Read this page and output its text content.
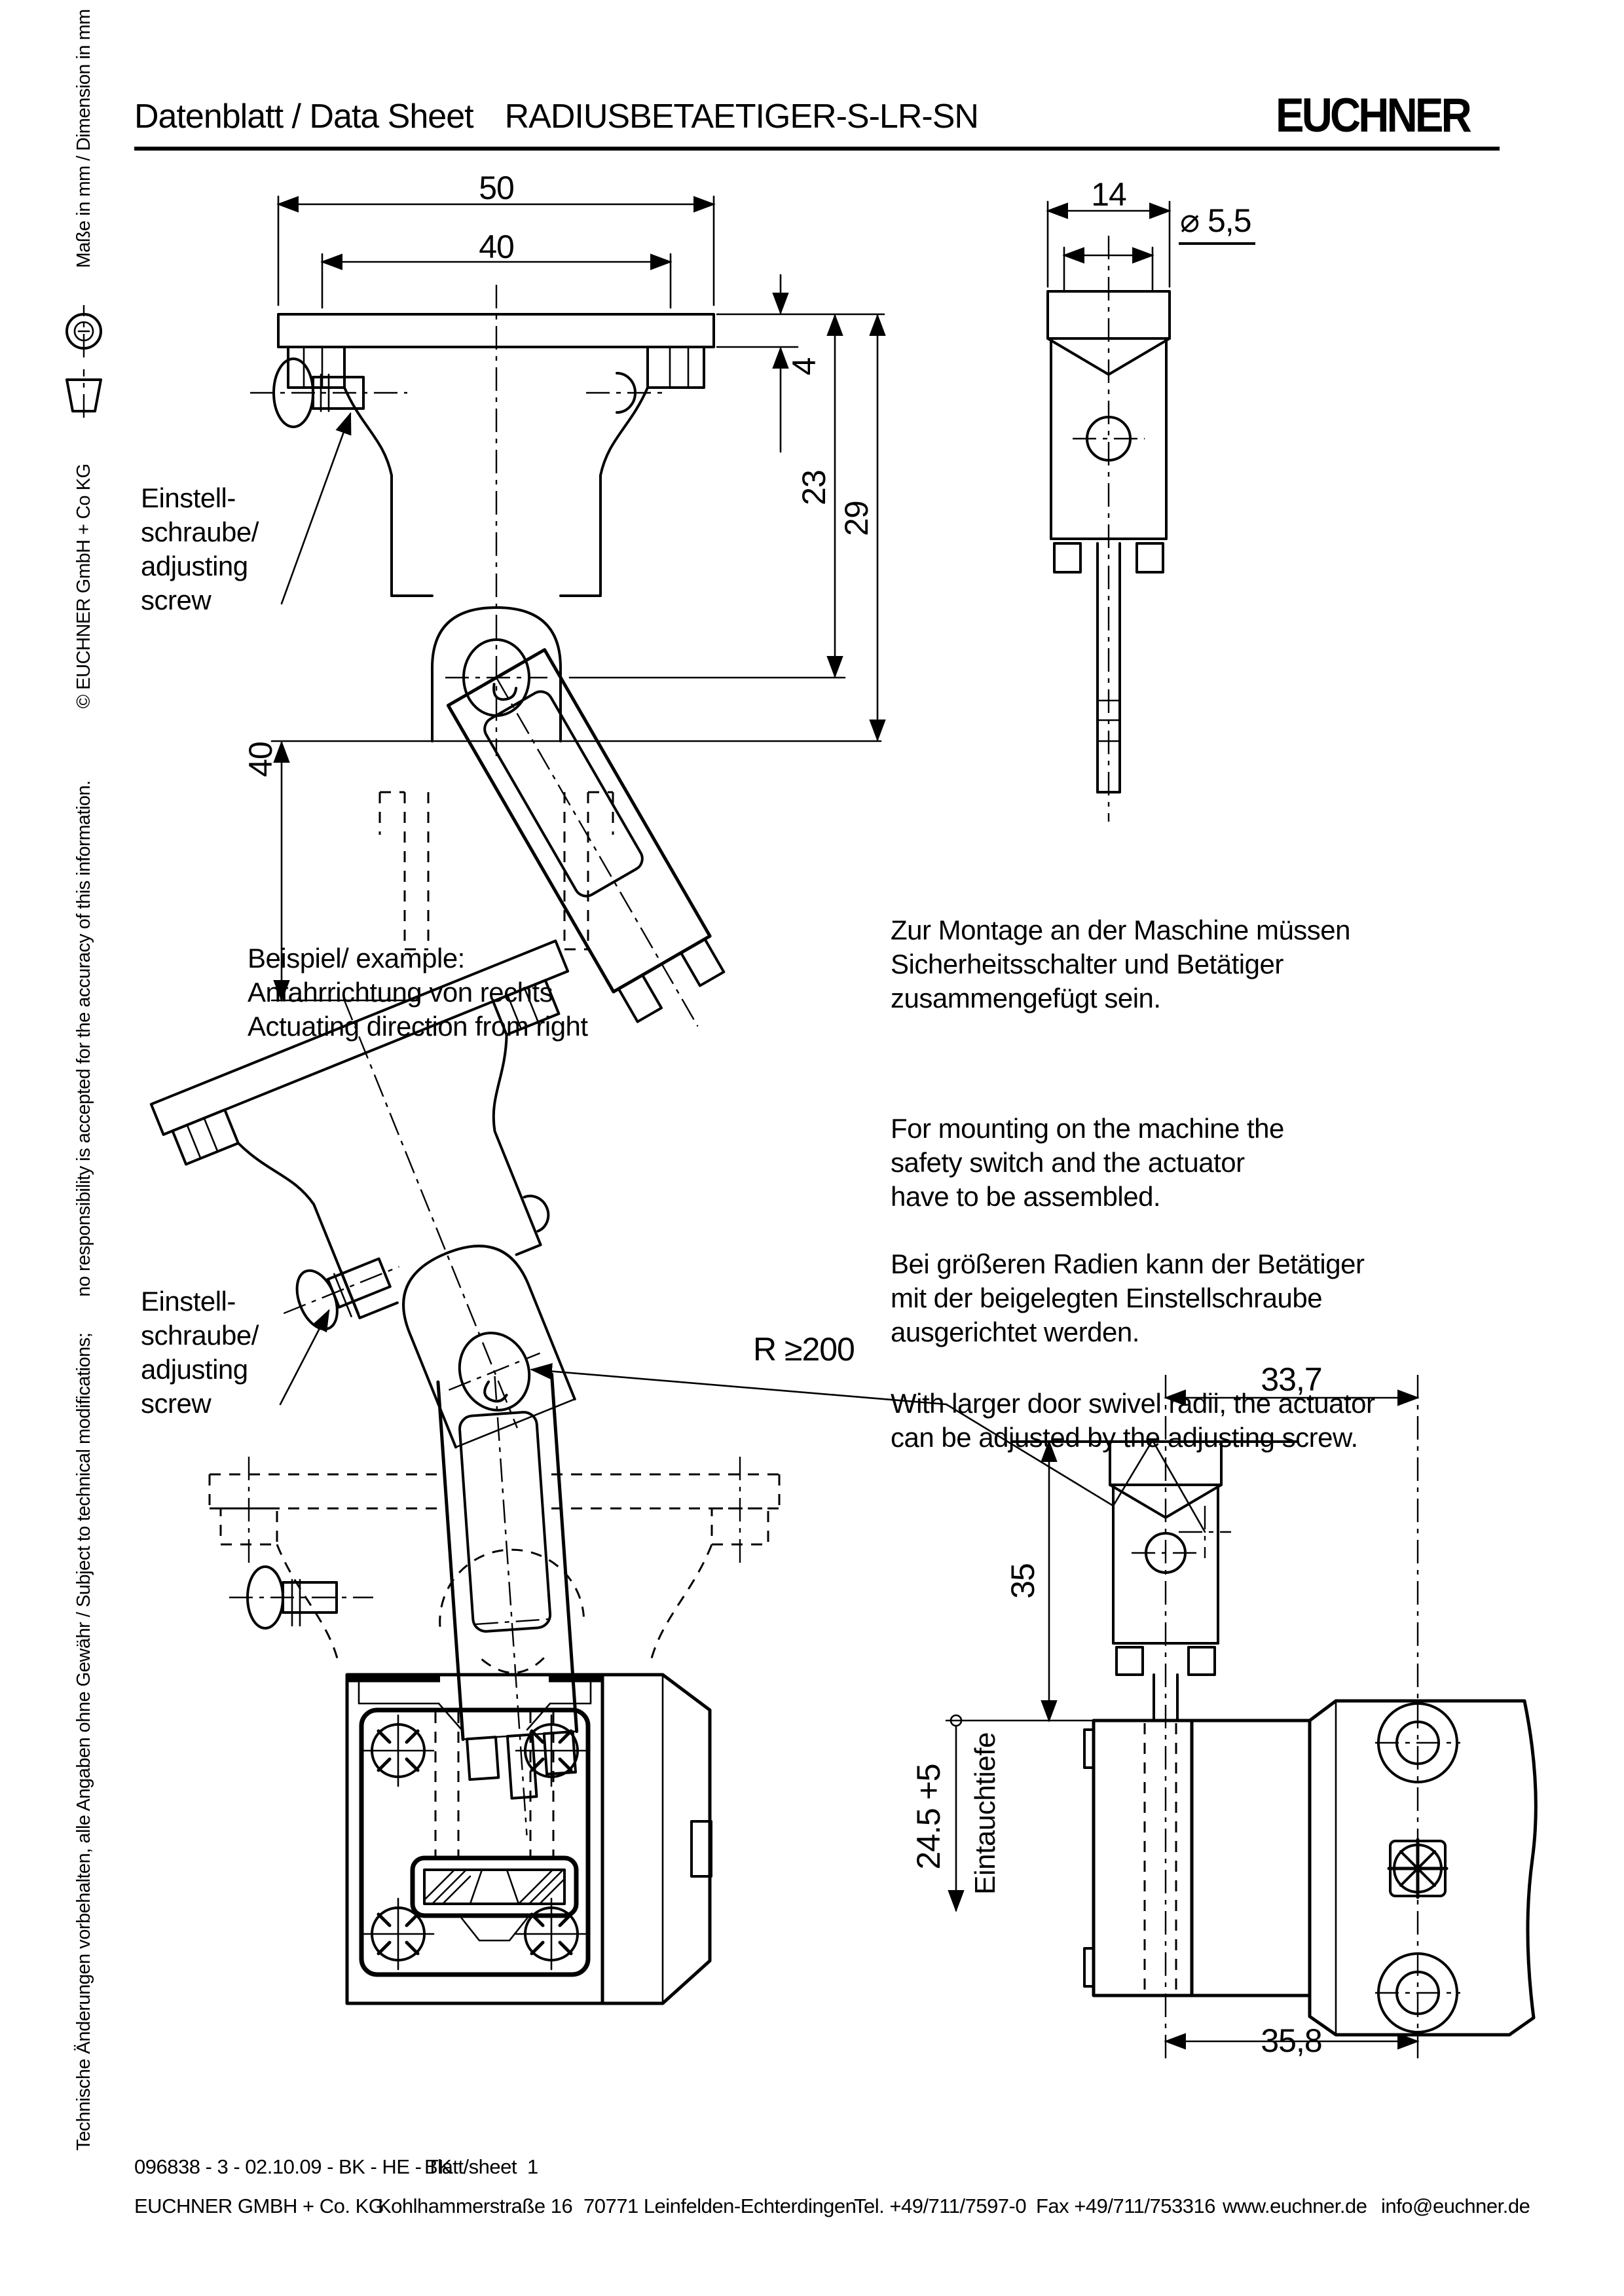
Datenblatt / Data Sheet RADIUSBETAETIGER-S-LR-SN	EUCHNER
Technische Änderungen vorbehalten, alle Angaben ohne Gewähr / Subject to technical modifications;
no responsibility is accepted for the accuracy of this information.
© EUCHNER GmbH + Co KG
Maße in mm / Dimension in mm	50
40
4
23
29
40
Einstell-
schraube/
adjusting
screw
14
⌀ 5,5
Beispiel/ example:
Anfahrrichtung von rechts
Actuating direction from right
Zur Montage an der Maschine müssen
Sicherheitsschalter und Betätiger
zusammengefügt sein.
For mounting on the machine the
safety switch and the actuator
have to be assembled.
Bei größeren Radien kann der Betätiger
mit der beigelegten Einstellschraube
ausgerichtet werden.
With larger door swivel radii, the actuator
can be adjusted by the adjusting screw.
Einstell-
schraube/
adjusting
screw
R ≥200
33,7
35
24.5 +5 Eintauchtiefe
35,8
096838 - 3 - 02.10.09 - BK - HE - TK
Blatt/sheet 1
EUCHNER GMBH + Co. KG
Kohlhammerstraße 16 70771 Leinfelden-Echterdingen
Tel. +49/711/7597-0 Fax +49/711/753316 www.euchner.de info@euchner.de
